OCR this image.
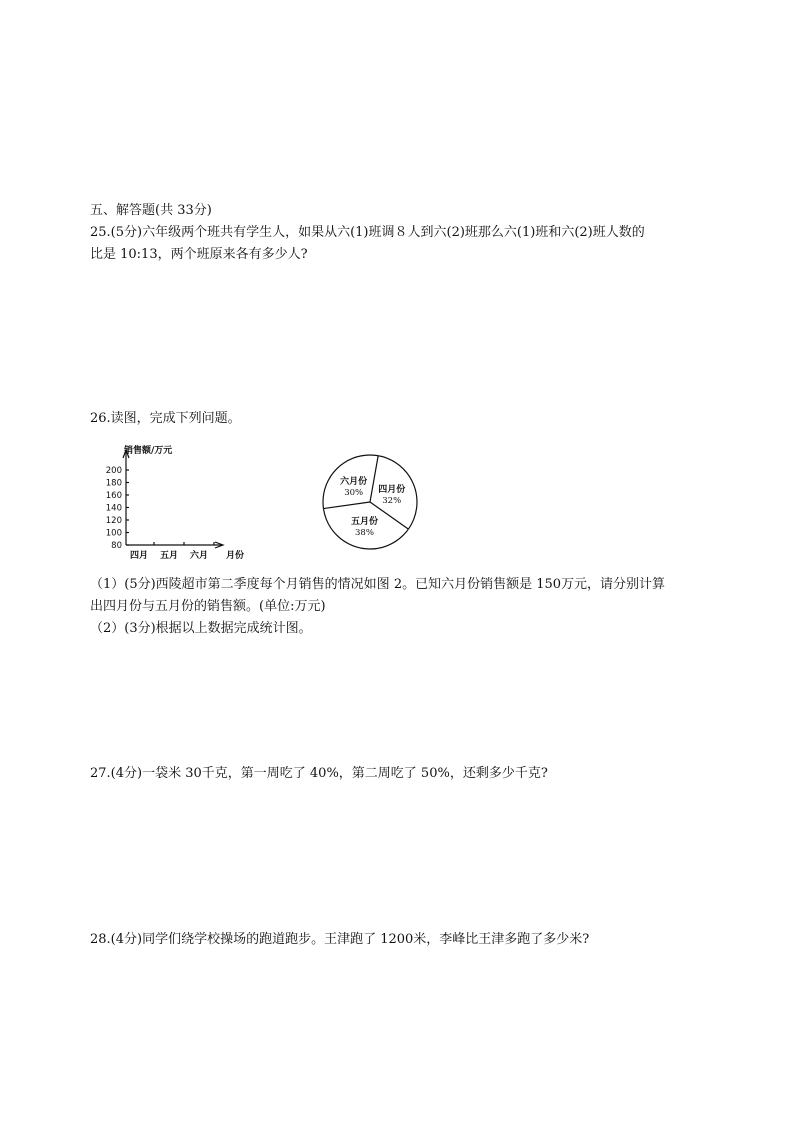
五、解答题(共 33分)
25.(5分)六年级两个班共有学生人，如果从六(1)班调８人到六(2)班那么六(1)班和六(2)班人数的
比是 10:13，两个班原来各有多少人?
26.读图，完成下列问题。
80
100
120
140
160
180
200
四月 五月 六月
销售额/万元
月份
四月份
32%
五月份
38%
六月份
30%
（1）(5分)西陵超市第二季度每个月销售的情况如图 2。已知六月份销售额是 150万元，请分别计算
出四月份与五月份的销售额。(单位:万元)
（2）(3分)根据以上数据完成统计图。
27.(4分)一袋米 30千克，第一周吃了 40%，第二周吃了 50%，还剩多少千克?
28.(4分)同学们绕学校操场的跑道跑步。王津跑了 1200米，李峰比王津多跑了多少米?
